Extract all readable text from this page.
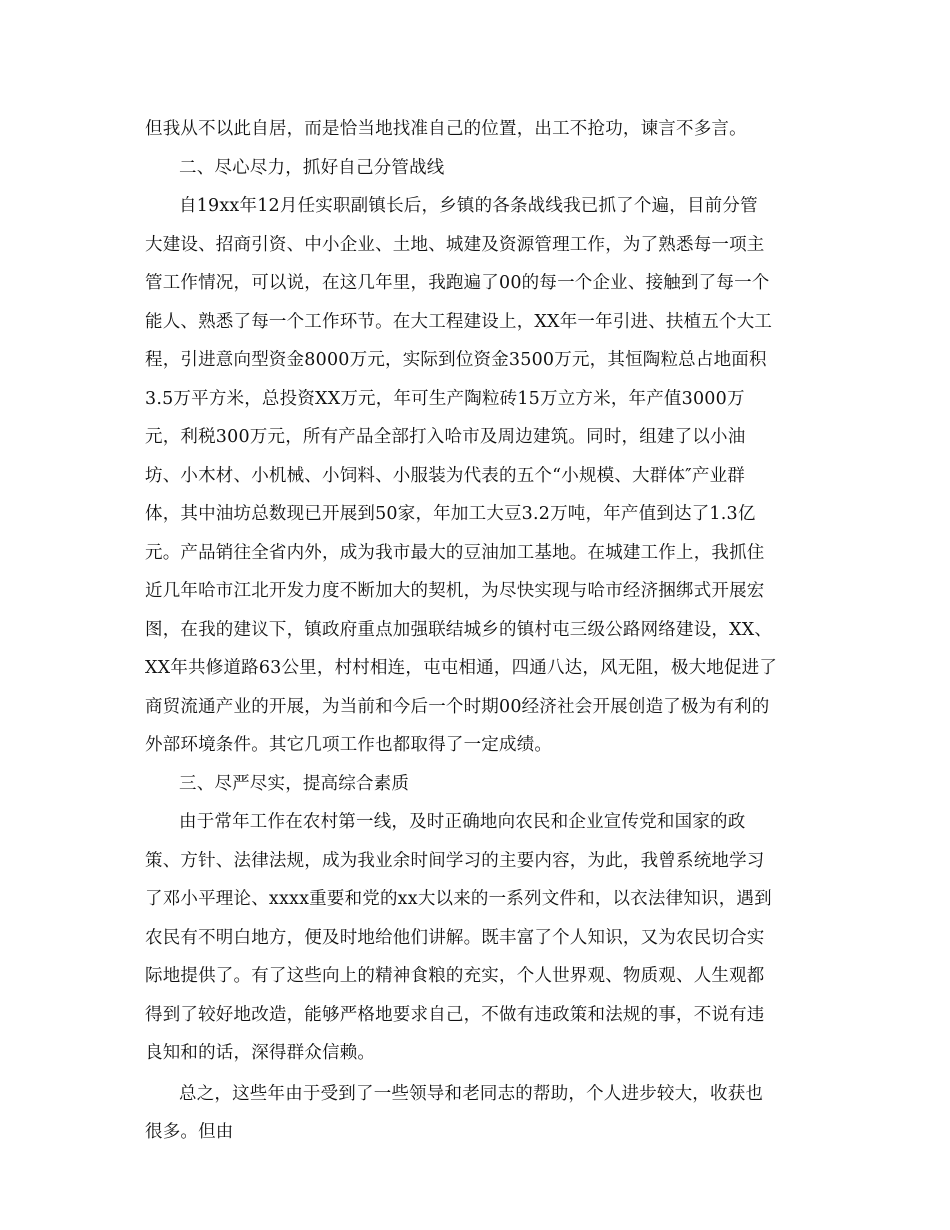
但我从不以此自居，而是恰当地找准自己的位置，出工不抢功，谏言不多言。
二、尽心尽力，抓好自己分管战线
自19xx年12月任实职副镇长后，乡镇的各条战线我已抓了个遍，目前分管
大建设、招商引资、中小企业、土地、城建及资源管理工作，为了熟悉每一项主
管工作情况，可以说，在这几年里，我跑遍了00的每一个企业、接触到了每一个
能人、熟悉了每一个工作环节。在大工程建设上，XX年一年引进、扶植五个大工
程，引进意向型资金8000万元，实际到位资金3500万元，其恒陶粒总占地面积
3.5万平方米，总投资XX万元，年可生产陶粒砖15万立方米，年产值3000万
元，利税300万元，所有产品全部打入哈市及周边建筑。同时，组建了以小油
坊、小木材、小机械、小饲料、小服装为代表的五个“小规模、大群体″产业群
体，其中油坊总数现已开展到50家，年加工大豆3.2万吨，年产值到达了1.3亿
元。产品销往全省内外，成为我市最大的豆油加工基地。在城建工作上，我抓住
近几年哈市江北开发力度不断加大的契机，为尽快实现与哈市经济捆绑式开展宏
图，在我的建议下，镇政府重点加强联结城乡的镇村屯三级公路网络建设，XX、
XX年共修道路63公里，村村相连，屯屯相通，四通八达，风无阻，极大地促进了
商贸流通产业的开展，为当前和今后一个时期00经济社会开展创造了极为有利的
外部环境条件。其它几项工作也都取得了一定成绩。
三、尽严尽实，提高综合素质
由于常年工作在农村第一线，及时正确地向农民和企业宣传党和国家的政
策、方针、法律法规，成为我业余时间学习的主要内容，为此，我曾系统地学习
了邓小平理论、xxxx重要和党的xx大以来的一系列文件和，以衣法律知识，遇到
农民有不明白地方，便及时地给他们讲解。既丰富了个人知识，又为农民切合实
际地提供了。有了这些向上的精神食粮的充实，个人世界观、物质观、人生观都
得到了较好地改造，能够严格地要求自己，不做有违政策和法规的事，不说有违
良知和的话，深得群众信赖。
总之，这些年由于受到了一些领导和老同志的帮助，个人进步较大，收获也
很多。但由
